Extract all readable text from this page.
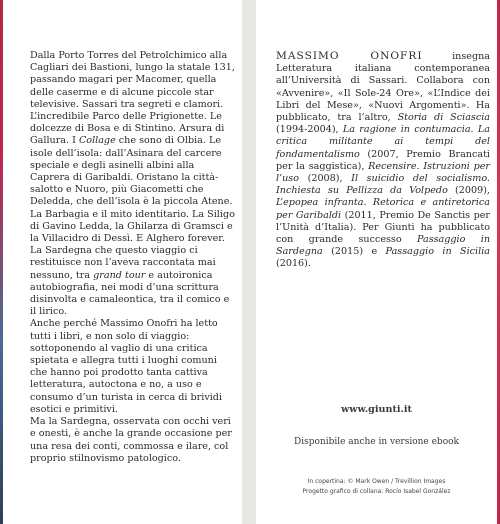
Dalla Porto Torres del Petrolchimico alla Cagliari dei Bastioni, lungo la statale 131, passando magari per Macomer, quella delle caserme e di alcune piccole star televisive. Sassari tra segreti e clamori. L’incredibile Parco delle Prigionette. Le dolcezze di Bosa e di Stintino. Arsura di Gallura. I Collage che sono di Olbia. Le isole dell’isola: dall’Asinara del carcere speciale e degli asinelli albini alla Caprera di Garibaldi. Oristano la città-salotto e Nuoro, più Giacometti che Deledda, che dell’isola è la piccola Atene. La Barbagia e il mito identitario. La Siligo di Gavino Ledda, la Ghilarza di Gramsci e la Villacidro di Dessì. E Alghero forever.

La Sardegna che questo viaggio ci restituisce non l’aveva raccontata mai nessuno, tra grand tour e autoironica autobiografia, nei modi d’una scrittura disinvolta e camaleontica, tra il comico e il lirico.

Anche perché Massimo Onofri ha letto tutti i libri, e non solo di viaggio: sottoponendo al vaglio di una critica spietata e allegra tutti i luoghi comuni che hanno poi prodotto tanta cattiva letteratura, autoctona e no, a uso e consumo d’un turista in cerca di brividi esotici e primitivi.

Ma la Sardegna, osservata con occhi veri e onesti, è anche la grande occasione per una resa dei conti, commossa e ilare, col proprio stilnovismo patologico.

MASSIMO ONOFRI insegna Letteratura italiana contemporanea all’Università di Sassari. Collabora con «Avvenire», «Il Sole-24 Ore», «L’Indice dei Libri del Mese», «Nuovi Argomenti». Ha pubblicato, tra l’altro, Storia di Sciascia (1994-2004), La ragione in contumacia. La critica militante ai tempi del fondamentalismo (2007, Premio Brancati per la saggistica), Recensire. Istruzioni per l’uso (2008), Il suicidio del socialismo. Inchiesta su Pellizza da Volpedo (2009), L’epopea infranta. Retorica e antiretorica per Garibaldi (2011, Premio De Sanctis per l’Unità d’Italia). Per Giunti ha pubblicato con grande successo Passaggio in Sardegna (2015) e Passaggio in Sicilia (2016).
www.giunti.it
Disponibile anche in versione ebook
In copertina: © Mark Owen / Trevillion Images
Progetto grafico di collana: Rocío Isabel González
